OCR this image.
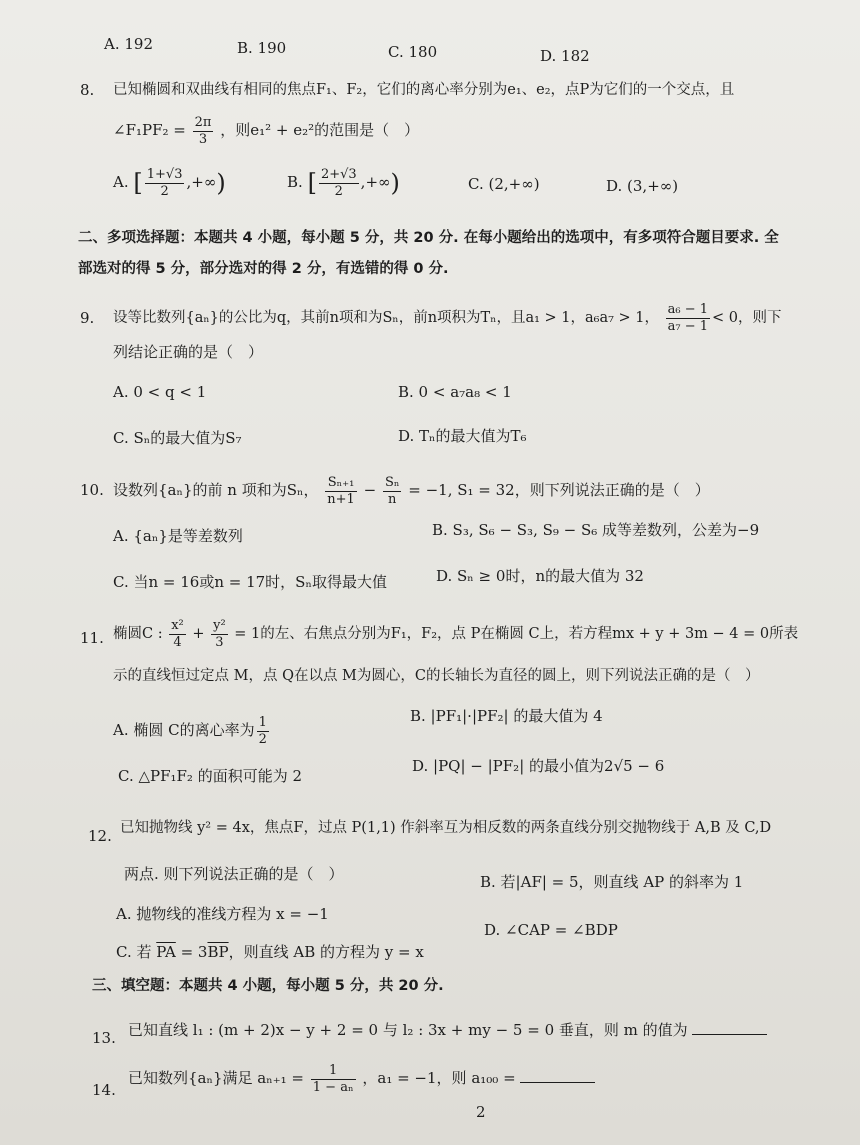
A. 192	B. 190	C. 180	D. 182
8. 已知椭圆和双曲线有相同的焦点F₁、F₂，它们的离心率分别为e₁、e₂，点P为它们的一个交点，且
∠F₁PF₂ = $\frac{2\pi}{3}$ ，则e₁² + e₂²的范围是（　）
A. [ $\frac{1+√3}{2}$ ,+∞)	B. [ $\frac{2+√3}{2}$ ,+∞)	C. (2,+∞)	D. (3,+∞)
二、多项选择题：本题共 4 小题，每小题 5 分，共 20 分. 在每小题给出的选项中，有多项符合题目要求. 全
部选对的得 5 分，部分选对的得 2 分，有选错的得 0 分.
9. 设等比数列{aₙ}的公比为q，其前n项和为Sₙ，前n项积为Tₙ，且a₁ > 1，a₆a₇ > 1， $\frac{\text{a₆ − 1}}{\text{a₇ − 1}} < 0$，则下
列结论正确的是（　）
A. 0 < q < 1	B. 0 < a₇a₈ < 1
C. Sₙ的最大值为S₇	D. Tₙ的最大值为T₆
10. 设数列{aₙ}的前 n 项和为Sₙ， $\frac{\text{Sₙ₊₁}}{n+1} - \frac{\text{Sₙ}}{n} = -1$, S₁ = 32，则下列说法正确的是（　）
A. {aₙ}是等差数列	B. S₃, S₆ − S₃, S₉ − S₆ 成等差数列，公差为−9
C. 当n = 16或n = 17时，Sₙ取得最大值	D. Sₙ ≥ 0时，n的最大值为 32
11. 椭圆C : $\frac{\text{x²}}{4} + \frac{\text{y²}}{3} = 1$的左、右焦点分别为F₁，F₂，点 P在椭圆 C上，若方程mx + y + 3m − 4 = 0所表
示的直线恒过定点 M，点 Q在以点 M为圆心，C的长轴长为直径的圆上，则下列说法正确的是（　）
A. 椭圆 C的离心率为 $\frac{1}{2}$	B. |PF₁|·|PF₂| 的最大值为 4
C. △PF₁F₂ 的面积可能为 2
D. |PQ| − |PF₂| 的最小值为2√5 − 6
12. 已知抛物线 y² = 4x，焦点F，过点 P(1,1) 作斜率互为相反数的两条直线分别交抛物线于 A,B 及 C,D
两点. 则下列说法正确的是（　）
A. 抛物线的准线方程为 x = −1
B. 若|AF| = 5，则直线 AP 的斜率为 1
C. 若 $\overline{PA} = 3\overline{BP}$，则直线 AB 的方程为 y = x
D. ∠CAP = ∠BDP
三、填空题：本题共 4 小题，每小题 5 分，共 20 分.
13. 已知直线 l₁ : (m + 2)x − y + 2 = 0 与 l₂ : 3x + my − 5 = 0 垂直，则 m 的值为
14.
已知数列{aₙ}满足 $a_{n+1} = \frac{1}{\text{1 − aₙ}}$ ，a₁ = −1，则 a₁₀₀ =
2
